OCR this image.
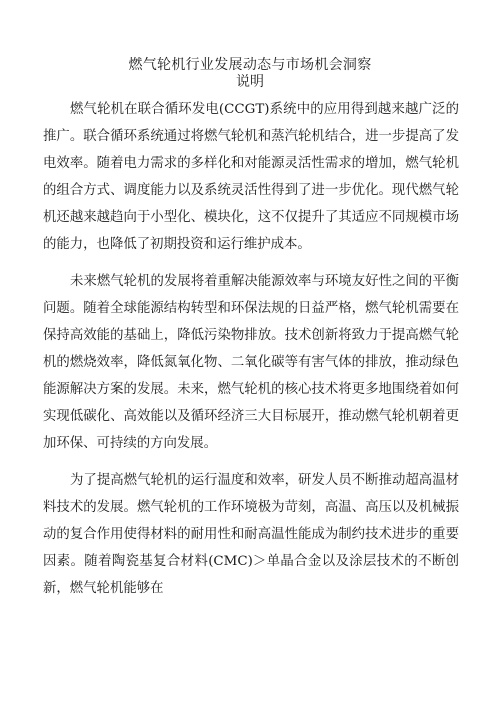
燃气轮机行业发展动态与市场机会洞察
说明

燃气轮机在联合循环发电(CCGT)系统中的应用得到越来越广泛的推广。联合循环系统通过将燃气轮机和蒸汽轮机结合，进一步提高了发电效率。随着电力需求的多样化和对能源灵活性需求的增加，燃气轮机的组合方式、调度能力以及系统灵活性得到了进一步优化。现代燃气轮机还越来越趋向于小型化、模块化，这不仅提升了其适应不同规模市场的能力，也降低了初期投资和运行维护成本。

未来燃气轮机的发展将着重解决能源效率与环境友好性之间的平衡问题。随着全球能源结构转型和环保法规的日益严格，燃气轮机需要在保持高效能的基础上，降低污染物排放。技术创新将致力于提高燃气轮机的燃烧效率，降低氮氧化物、二氧化碳等有害气体的排放，推动绿色能源解决方案的发展。未来，燃气轮机的核心技术将更多地围绕着如何实现低碳化、高效能以及循环经济三大目标展开，推动燃气轮机朝着更加环保、可持续的方向发展。

为了提高燃气轮机的运行温度和效率，研发人员不断推动超高温材料技术的发展。燃气轮机的工作环境极为苛刻，高温、高压以及机械振动的复合作用使得材料的耐用性和耐高温性能成为制约技术进步的重要因素。随着陶瓷基复合材料(CMC)＞单晶合金以及涂层技术的不断创新，燃气轮机能够在
